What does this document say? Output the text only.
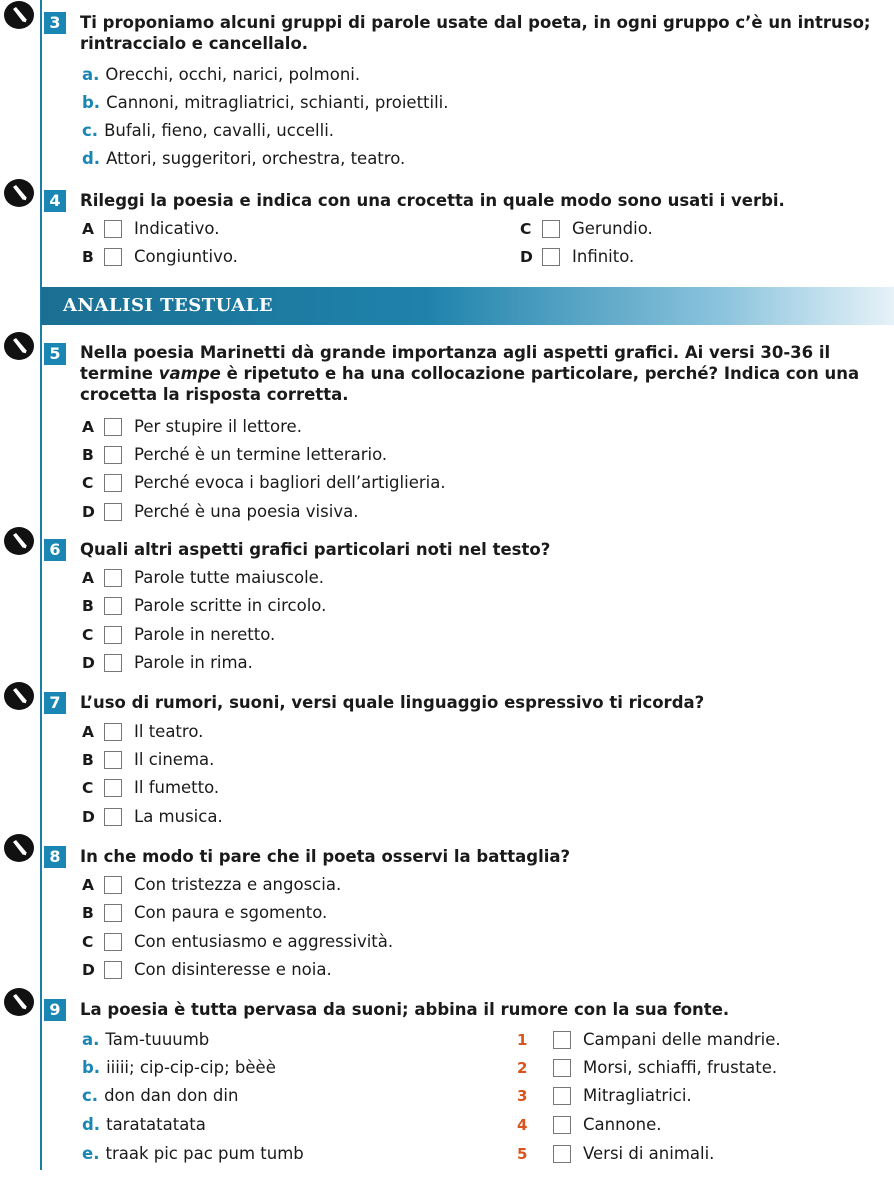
3	Ti proponiamo alcuni gruppi di parole usate dal poeta, in ogni gruppo c’è un intruso; rintraccialo e cancellalo.
a. Orecchi, occhi, narici, polmoni.
b. Cannoni, mitragliatrici, schianti, proiettili.
c. Bufali, fieno, cavalli, uccelli.
d. Attori, suggeritori, orchestra, teatro.
4	Rileggi la poesia e indica con una crocetta in quale modo sono usati i verbi.
A	Indicativo.
B	Congiuntivo.
C	Gerundio.
D	Infinito.
ANALISI TESTUALE
5	Nella poesia Marinetti dà grande importanza agli aspetti grafici. Ai versi 30-36 il termine vampe è ripetuto e ha una collocazione particolare, perché? Indica con una crocetta la risposta corretta.
A	Per stupire il lettore.
B	Perché è un termine letterario.
C	Perché evoca i bagliori dell’artiglieria.
D	Perché è una poesia visiva.
6	Quali altri aspetti grafici particolari noti nel testo?
A	Parole tutte maiuscole.
B	Parole scritte in circolo.
C	Parole in neretto.
D	Parole in rima.
7	L’uso di rumori, suoni, versi quale linguaggio espressivo ti ricorda?
A	Il teatro.
B	Il cinema.
C	Il fumetto.
D	La musica.
8	In che modo ti pare che il poeta osservi la battaglia?
A	Con tristezza e angoscia.
B	Con paura e sgomento.
C	Con entusiasmo e aggressività.
D	Con disinteresse e noia.
9	La poesia è tutta pervasa da suoni; abbina il rumore con la sua fonte.
a. Tam-tuuumb
b. iiiii; cip-cip-cip; bèèè
c. don dan don din
d. taratatatata
e. traak pic pac pum tumb
1	Campani delle mandrie.
2	Morsi, schiaffi, frustate.
3	Mitragliatrici.
4	Cannone.
5	Versi di animali.
